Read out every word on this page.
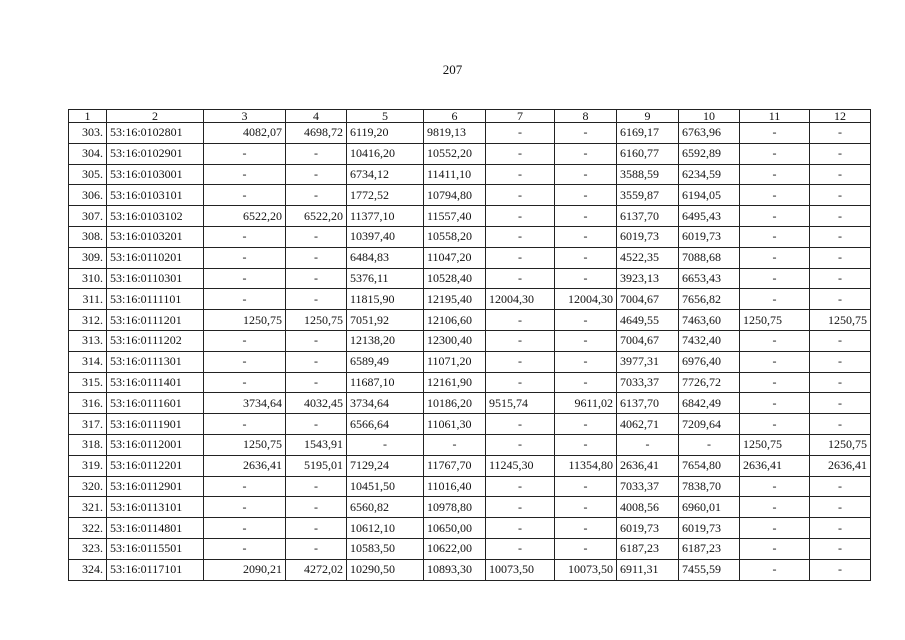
207
1	2	3	4	5	6	7	8	9	10	11	12
303.	53:16:0102801	4082,07	4698,72	6119,20	9819,13	-	-	6169,17	6763,96	-	-
304.	53:16:0102901	-	-	10416,20	10552,20	-	-	6160,77	6592,89	-	-
305.	53:16:0103001	-	-	6734,12	11411,10	-	-	3588,59	6234,59	-	-
306.	53:16:0103101	-	-	1772,52	10794,80	-	-	3559,87	6194,05	-	-
307.	53:16:0103102	6522,20	6522,20	11377,10	11557,40	-	-	6137,70	6495,43	-	-
308.	53:16:0103201	-	-	10397,40	10558,20	-	-	6019,73	6019,73	-	-
309.	53:16:0110201	-	-	6484,83	11047,20	-	-	4522,35	7088,68	-	-
310.	53:16:0110301	-	-	5376,11	10528,40	-	-	3923,13	6653,43	-	-
311.	53:16:0111101	-	-	11815,90	12195,40	12004,30	12004,30	7004,67	7656,82	-	-
312.	53:16:0111201	1250,75	1250,75	7051,92	12106,60	-	-	4649,55	7463,60	1250,75	1250,75
313.	53:16:0111202	-	-	12138,20	12300,40	-	-	7004,67	7432,40	-	-
314.	53:16:0111301	-	-	6589,49	11071,20	-	-	3977,31	6976,40	-	-
315.	53:16:0111401	-	-	11687,10	12161,90	-	-	7033,37	7726,72	-	-
316.	53:16:0111601	3734,64	4032,45	3734,64	10186,20	9515,74	9611,02	6137,70	6842,49	-	-
317.	53:16:0111901	-	-	6566,64	11061,30	-	-	4062,71	7209,64	-	-
318.	53:16:0112001	1250,75	1543,91	-	-	-	-	-	-	1250,75	1250,75
319.	53:16:0112201	2636,41	5195,01	7129,24	11767,70	11245,30	11354,80	2636,41	7654,80	2636,41	2636,41
320.	53:16:0112901	-	-	10451,50	11016,40	-	-	7033,37	7838,70	-	-
321.	53:16:0113101	-	-	6560,82	10978,80	-	-	4008,56	6960,01	-	-
322.	53:16:0114801	-	-	10612,10	10650,00	-	-	6019,73	6019,73	-	-
323.	53:16:0115501	-	-	10583,50	10622,00	-	-	6187,23	6187,23	-	-
324.	53:16:0117101	2090,21	4272,02	10290,50	10893,30	10073,50	10073,50	6911,31	7455,59	-	-
